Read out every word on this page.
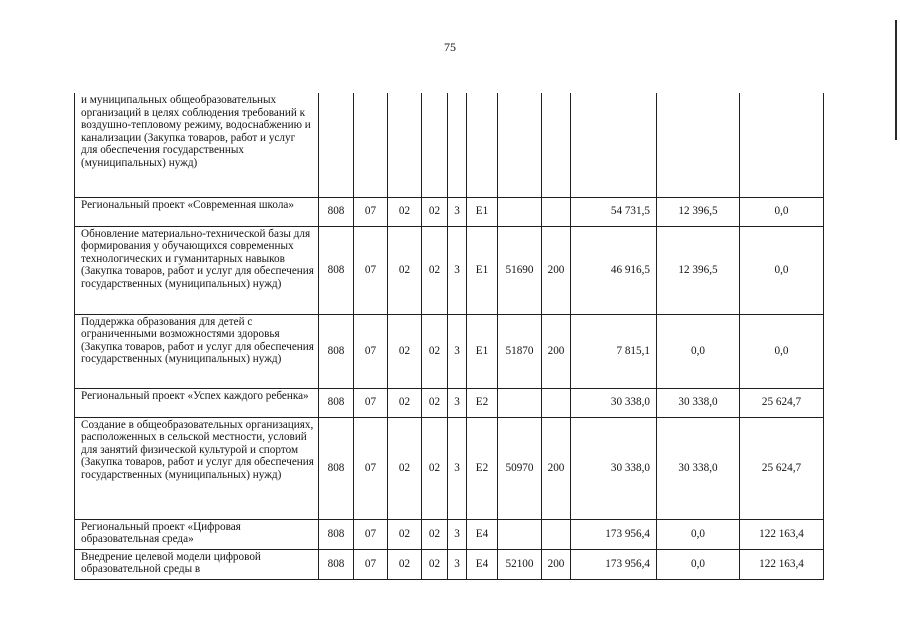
75
и муниципальных общеобразовательных организаций в целях соблюдения требований к воздушно-тепловому режиму, водоснабжению и канализации (Закупка товаров, работ и услуг для обеспечения государственных (муниципальных) нужд)											
Региональный проект «Современная школа»	808	07	02	02	3	E1			54 731,5	12 396,5	0,0
Обновление материально-технической базы для формирования у обучающихся современных технологических и гуманитарных навыков (Закупка товаров, работ и услуг для обеспечения государственных (муниципальных) нужд)	808	07	02	02	3	E1	51690	200	46 916,5	12 396,5	0,0
Поддержка образования для детей с ограниченными возможностями здоровья (Закупка товаров, работ и услуг для обеспечения государственных (муниципальных) нужд)	808	07	02	02	3	E1	51870	200	7 815,1	0,0	0,0
Региональный проект «Успех каждого ребенка»	808	07	02	02	3	E2			30 338,0	30 338,0	25 624,7
Создание в общеобразовательных организациях, расположенных в сельской местности, условий для занятий физической культурой и спортом (Закупка товаров, работ и услуг для обеспечения государственных (муниципальных) нужд)	808	07	02	02	3	E2	50970	200	30 338,0	30 338,0	25 624,7
Региональный проект «Цифровая образовательная среда»	808	07	02	02	3	E4			173 956,4	0,0	122 163,4
Внедрение целевой модели цифровой образовательной среды в	808	07	02	02	3	E4	52100	200	173 956,4	0,0	122 163,4
